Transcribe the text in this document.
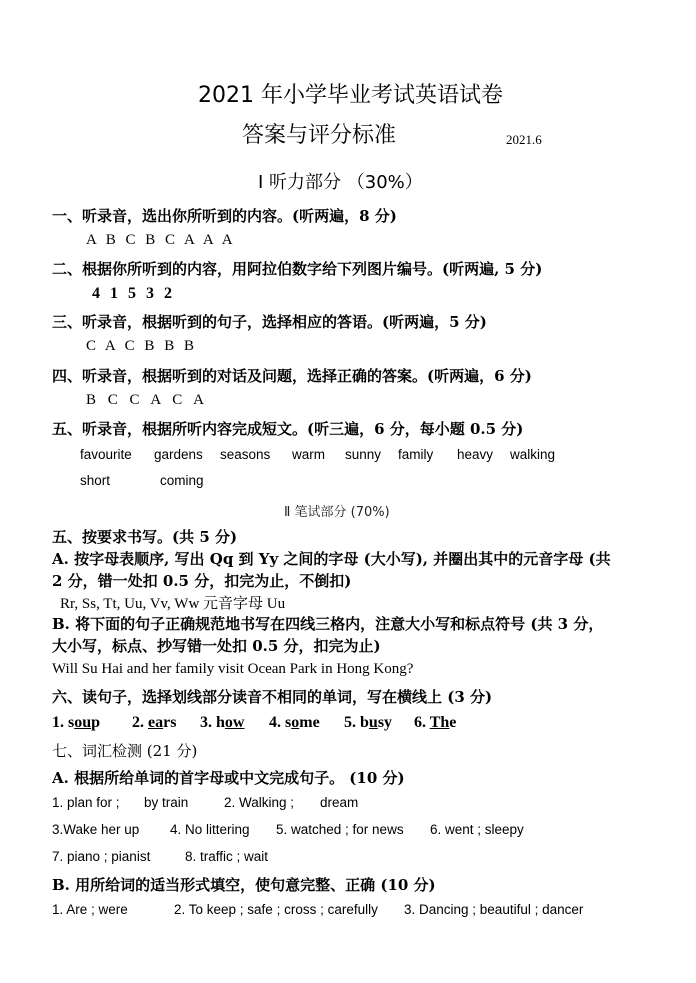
2021 年小学毕业考试英语试卷
答案与评分标准	2021.6
Ⅰ 听力部分 （30%）
一、听录音，选出你所听到的内容。(听两遍，8 分)
A B C B C A A A
二、根据你所听到的内容，用阿拉伯数字给下列图片编号。(听两遍, 5 分)
4 1 5 3 2
三、听录音，根据听到的句子，选择相应的答语。(听两遍，5 分)
C A C B B B
四、听录音，根据听到的对话及问题，选择正确的答案。(听两遍，6 分)
B C C A C A
五、听录音，根据所听内容完成短文。(听三遍，6 分，每小题 0.5 分)
favourite gardens seasons warm sunny family heavy walking
short	coming
Ⅱ 笔试部分 (70%)
五、按要求书写。(共 5 分)
A. 按字母表顺序, 写出 Qq 到 Yy 之间的字母 (大小写), 并圈出其中的元音字母 (共
2 分，错一处扣 0.5 分，扣完为止，不倒扣)
Rr, Ss, Tt, Uu, Vv, Ww 元音字母 Uu
B. 将下面的句子正确规范地书写在四线三格内，注意大小写和标点符号 (共 3 分，
大小写，标点、抄写错一处扣 0.5 分，扣完为止)
Will Su Hai and her family visit Ocean Park in Hong Kong?
六、读句子，选择划线部分读音不相同的单词，写在横线上 (3 分)
1. soup 2. ears 3. how 4. some 5. busy 6. The
七、词汇检测 (21 分)
A. 根据所给单词的首字母或中文完成句子。 (10 分)
1. plan for ; by train	2. Walking ; dream
3.Wake her up 4. No littering 5. watched ; for news 6. went ; sleepy
7. piano ; pianist	8. traffic ; wait
B. 用所给词的适当形式填空，使句意完整、正确 (10 分)
1. Are ; were	2. To keep ; safe ; cross ; carefully 3. Dancing ; beautiful ; dancer
